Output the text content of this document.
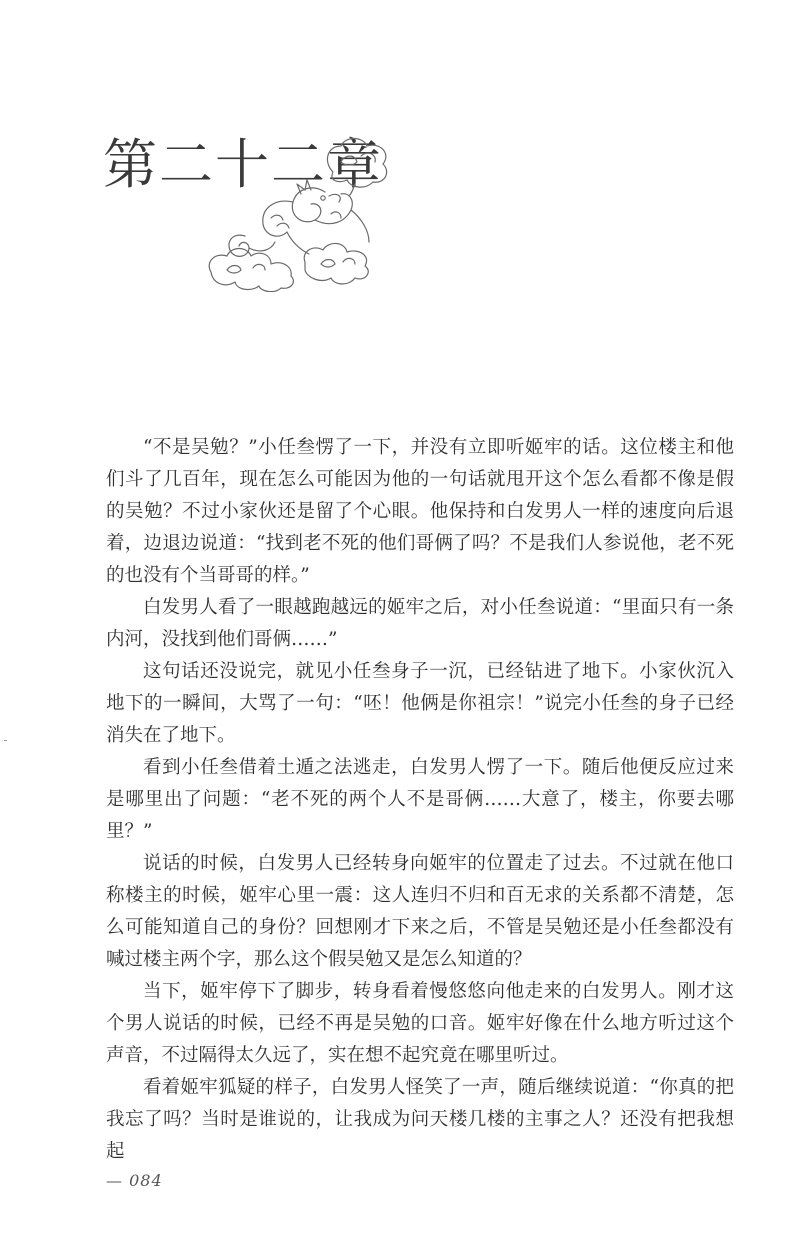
第二十二章

“不是吴勉？”小任叁愣了一下，并没有立即听姬牢的话。这位楼主和他们斗了几百年，现在怎么可能因为他的一句话就甩开这个怎么看都不像是假的吴勉？不过小家伙还是留了个心眼。他保持和白发男人一样的速度向后退着，边退边说道：“找到老不死的他们哥俩了吗？不是我们人参说他，老不死的也没有个当哥哥的样。”

白发男人看了一眼越跑越远的姬牢之后，对小任叁说道：“里面只有一条内河，没找到他们哥俩……”

这句话还没说完，就见小任叁身子一沉，已经钻进了地下。小家伙沉入地下的一瞬间，大骂了一句：“呸！他俩是你祖宗！”说完小任叁的身子已经消失在了地下。

看到小任叁借着土遁之法逃走，白发男人愣了一下。随后他便反应过来是哪里出了问题：“老不死的两个人不是哥俩……大意了，楼主，你要去哪里？”

说话的时候，白发男人已经转身向姬牢的位置走了过去。不过就在他口称楼主的时候，姬牢心里一震：这人连归不归和百无求的关系都不清楚，怎么可能知道自己的身份？回想刚才下来之后，不管是吴勉还是小任叁都没有喊过楼主两个字，那么这个假吴勉又是怎么知道的？

当下，姬牢停下了脚步，转身看着慢悠悠向他走来的白发男人。刚才这个男人说话的时候，已经不再是吴勉的口音。姬牢好像在什么地方听过这个声音，不过隔得太久远了，实在想不起究竟在哪里听过。

看着姬牢狐疑的样子，白发男人怪笑了一声，随后继续说道：“你真的把我忘了吗？当时是谁说的，让我成为问天楼几楼的主事之人？还没有把我想起

— 084
